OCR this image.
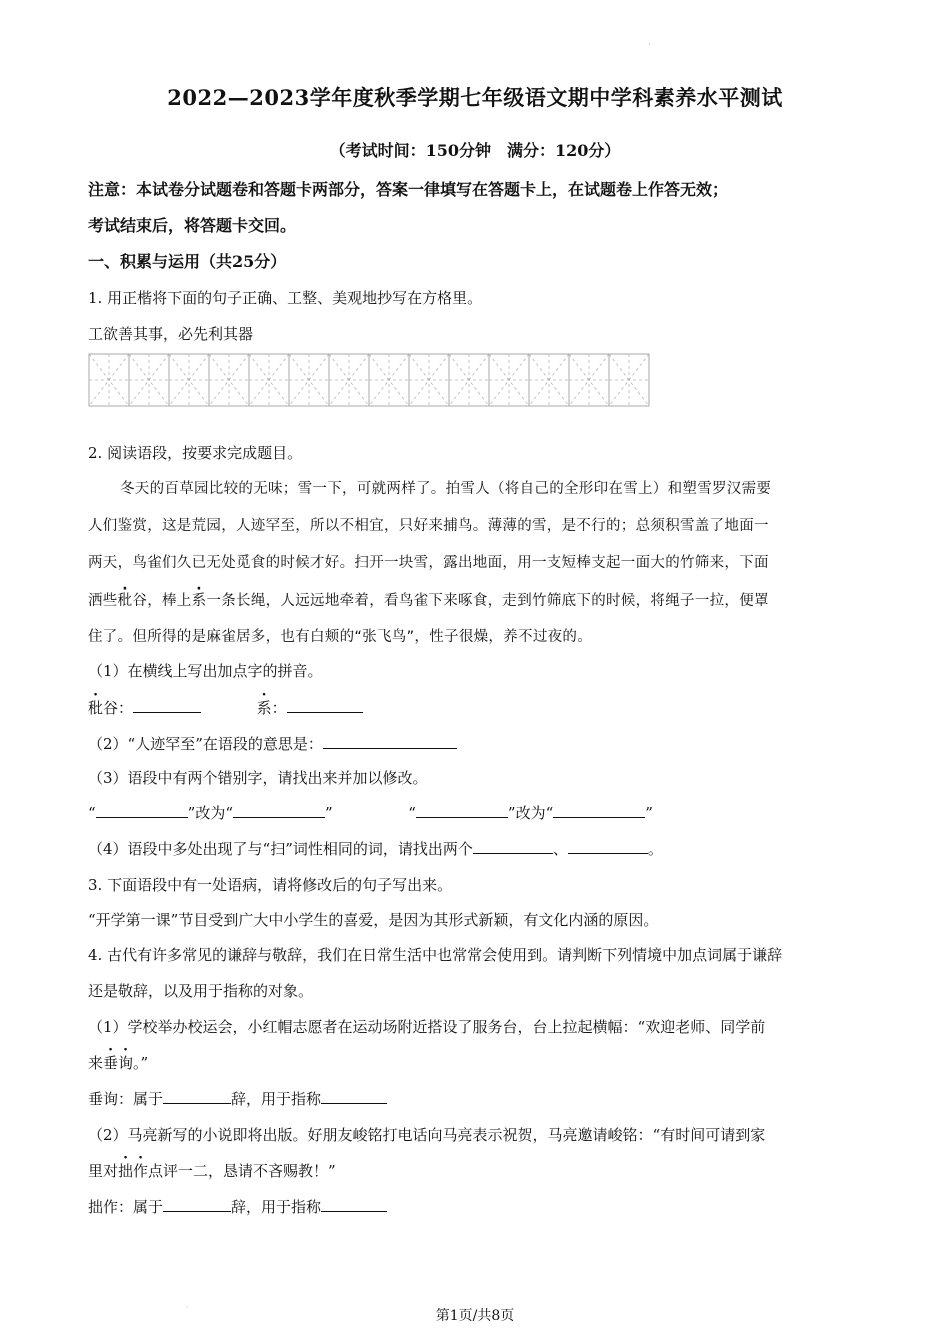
2022—2023学年度秋季学期七年级语文期中学科素养水平测试
（考试时间：150分钟　满分：120分）
注意：本试卷分试题卷和答题卡两部分，答案一律填写在答题卡上，在试题卷上作答无效；
考试结束后，将答题卡交回。
一、积累与运用（共25分）
1. 用正楷将下面的句子正确、工整、美观地抄写在方格里。
工欲善其事，必先利其器
2. 阅读语段，按要求完成题目。
冬天的百草园比较的无味；雪一下，可就两样了。拍雪人（将自己的全形印在雪上）和塑雪罗汉需要
人们鉴赏，这是荒园，人迹罕至，所以不相宜，只好来捕鸟。薄薄的雪，是不行的；总须积雪盖了地面一
两天，鸟雀们久已无处觅食的时候才好。扫开一块雪，露出地面，用一支短棒支起一面大的竹筛来，下面
洒些秕谷，棒上系一条长绳，人远远地牵着，看鸟雀下来啄食，走到竹筛底下的时候，将绳子一拉，便罩
住了。但所得的是麻雀居多，也有白颊的“张飞鸟”，性子很燥，养不过夜的。
（1）在横线上写出加点字的拼音。
秕谷：	系：
（2）“人迹罕至”在语段的意思是：
（3）语段中有两个错别字，请找出来并加以修改。
“	”改为“	”	“	”改为“	”
（4）语段中多处出现了与“扫”词性相同的词，请找出两个	、	。
3. 下面语段中有一处语病，请将修改后的句子写出来。
“开学第一课”节目受到广大中小学生的喜爱，是因为其形式新颖，有文化内涵的原因。
4. 古代有许多常见的谦辞与敬辞，我们在日常生活中也常常会使用到。请判断下列情境中加点词属于谦辞
还是敬辞，以及用于指称的对象。
（1）学校举办校运会，小红帽志愿者在运动场附近搭设了服务台，台上拉起横幅：“欢迎老师、同学前
来垂询。”
垂询：属于	辞，用于指称
（2）马亮新写的小说即将出版。好朋友峻铭打电话向马亮表示祝贺，马亮邀请峻铭：“有时间可请到家
里对拙作点评一二，恳请不吝赐教！”
拙作：属于	辞，用于指称
第1页/共8页
·
·
